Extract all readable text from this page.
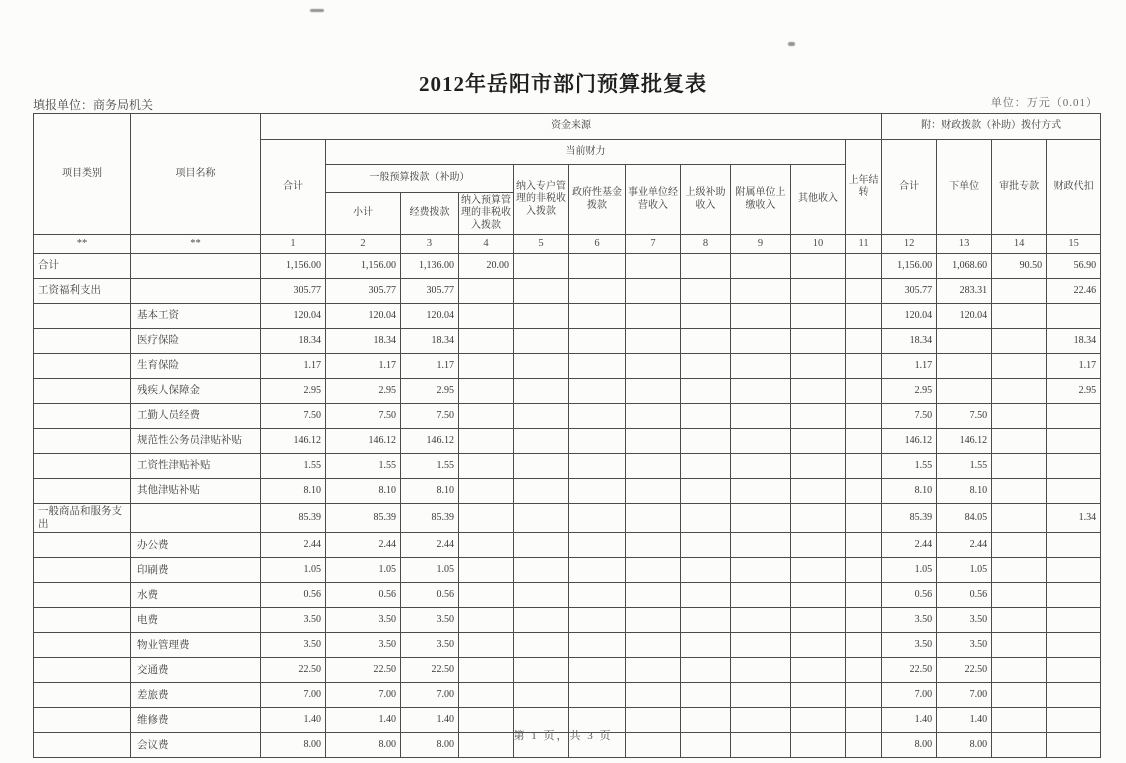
2012年岳阳市部门预算批复表
填报单位：商务局机关	单位：万元（0.01）
项目类别	项目名称	资金来源											附：财政拨款（补助）拨付方式			
		合计	当前财力									上年结转	合计	下单位	审批专款	财政代扣
			一般预算拨款（补助）			纳入专户管理的非税收入拨款	政府性基金拨款	事业单位经营收入	上级补助收入	附属单位上缴收入	其他收入					
			小计	经费拨款	纳入预算管理的非税收入拨款											
**	**	1	2	3	4	5	6	7	8	9	10	11	12	13	14	15
合计		1,156.00	1,156.00	1,136.00	20.00								1,156.00	1,068.60	90.50	56.90
工资福利支出		305.77	305.77	305.77									305.77	283.31		22.46
	基本工资	120.04	120.04	120.04									120.04	120.04		
	医疗保险	18.34	18.34	18.34									18.34			18.34
	生育保险	1.17	1.17	1.17									1.17			1.17
	残疾人保障金	2.95	2.95	2.95									2.95			2.95
	工勤人员经费	7.50	7.50	7.50									7.50	7.50		
	规范性公务员津贴补贴	146.12	146.12	146.12									146.12	146.12		
	工资性津贴补贴	1.55	1.55	1.55									1.55	1.55		
	其他津贴补贴	8.10	8.10	8.10									8.10	8.10		
一般商品和服务支出		85.39	85.39	85.39									85.39	84.05		1.34
	办公费	2.44	2.44	2.44									2.44	2.44		
	印刷费	1.05	1.05	1.05									1.05	1.05		
	水费	0.56	0.56	0.56									0.56	0.56		
	电费	3.50	3.50	3.50									3.50	3.50		
	物业管理费	3.50	3.50	3.50									3.50	3.50		
	交通费	22.50	22.50	22.50									22.50	22.50		
	差旅费	7.00	7.00	7.00									7.00	7.00		
	维修费	1.40	1.40	1.40									1.40	1.40		
	会议费	8.00	8.00	8.00									8.00	8.00		
第 1 页，共 3 页
